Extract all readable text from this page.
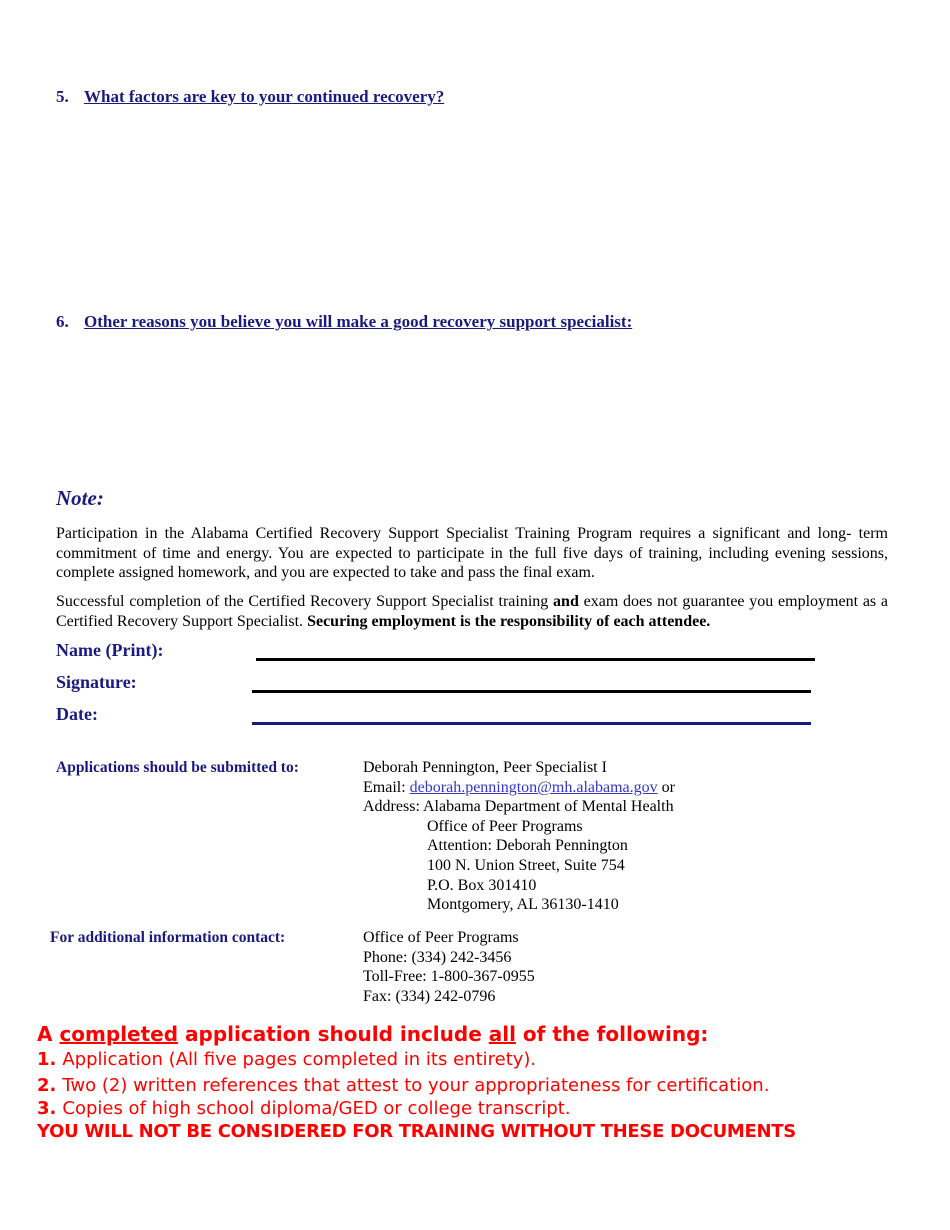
5. What factors are key to your continued recovery?
6. Other reasons you believe you will make a good recovery support specialist:
Note:
Participation in the Alabama Certified Recovery Support Specialist Training Program requires a significant and long- term commitment of time and energy. You are expected to participate in the full five days of training, including evening sessions, complete assigned homework, and you are expected to take and pass the final exam.
Successful completion of the Certified Recovery Support Specialist training and exam does not guarantee you employment as a Certified Recovery Support Specialist. Securing employment is the responsibility of each attendee.
Name (Print):
Signature:
Date:
Applications should be submitted to:	Deborah Pennington, Peer Specialist I
Email: deborah.pennington@mh.alabama.gov or
Address: Alabama Department of Mental Health
Office of Peer Programs
Attention: Deborah Pennington
100 N. Union Street, Suite 754
P.O. Box 301410
Montgomery, AL 36130-1410
For additional information contact:	Office of Peer Programs
Phone: (334) 242-3456
Toll-Free: 1-800-367-0955
Fax: (334) 242-0796
A completed application should include all of the following:
1. Application (All five pages completed in its entirety).
2. Two (2) written references that attest to your appropriateness for certification.
3. Copies of high school diploma/GED or college transcript.
YOU WILL NOT BE CONSIDERED FOR TRAINING WITHOUT THESE DOCUMENTS
